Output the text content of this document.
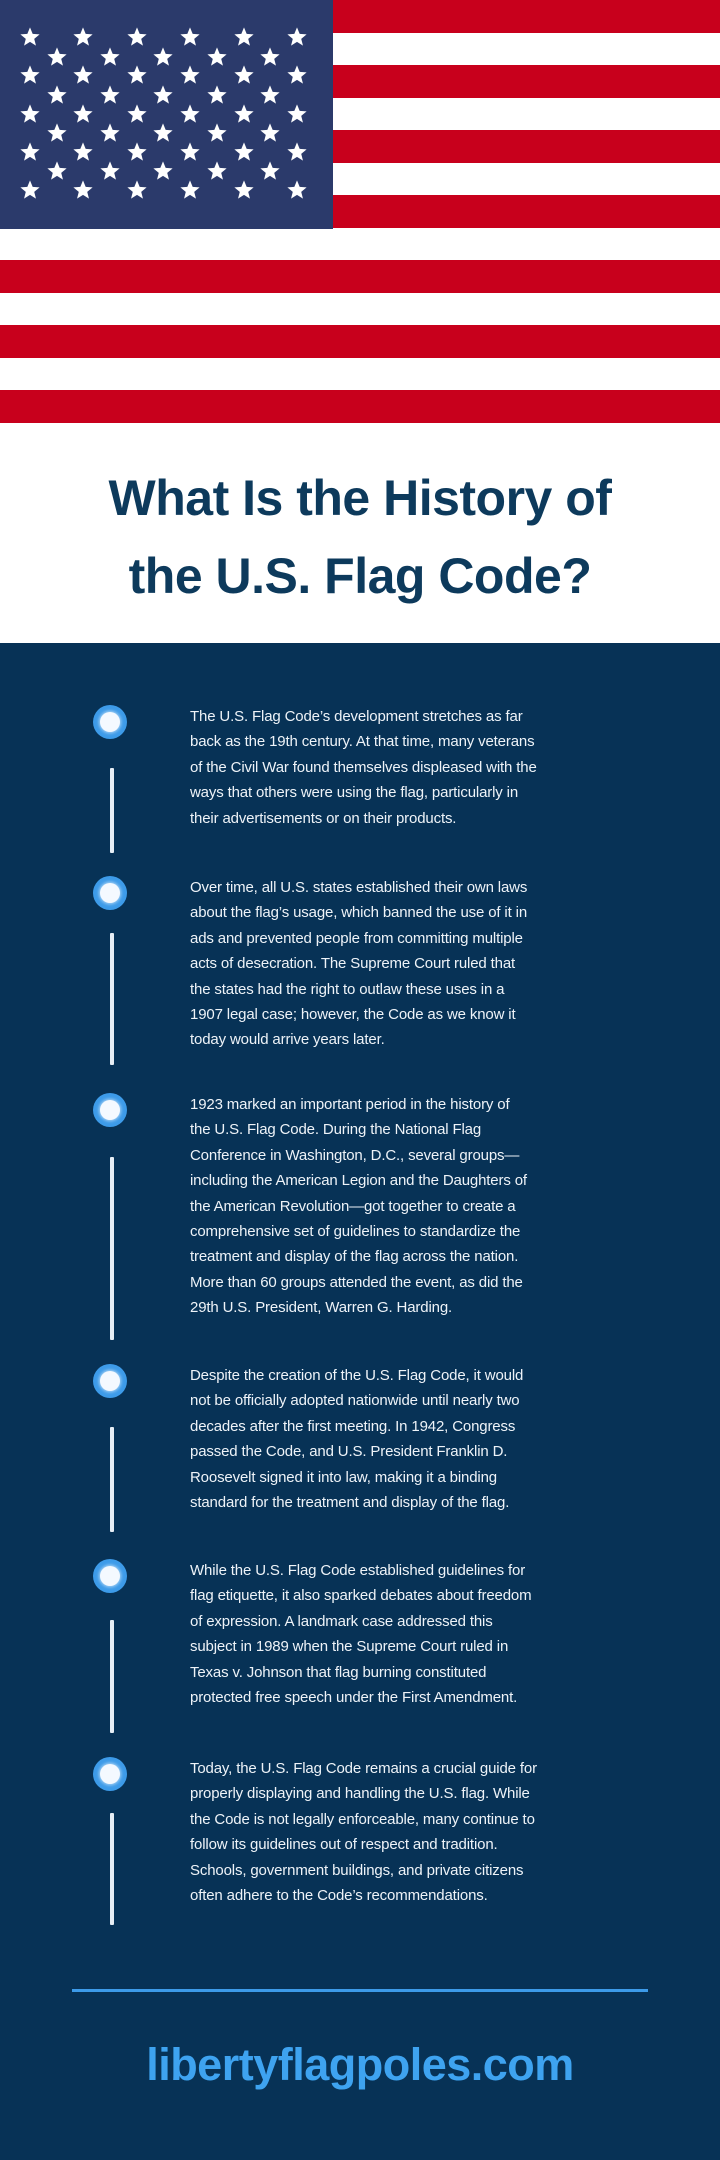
What Is the History of
the U.S. Flag Code?

The U.S. Flag Code’s development stretches as far
back as the 19th century. At that time, many veterans
of the Civil War found themselves displeased with the
ways that others were using the flag, particularly in
their advertisements or on their products.

Over time, all U.S. states established their own laws
about the flag’s usage, which banned the use of it in
ads and prevented people from committing multiple
acts of desecration. The Supreme Court ruled that
the states had the right to outlaw these uses in a
1907 legal case; however, the Code as we know it
today would arrive years later.

1923 marked an important period in the history of
the U.S. Flag Code. During the National Flag
Conference in Washington, D.C., several groups—
including the American Legion and the Daughters of
the American Revolution—got together to create a
comprehensive set of guidelines to standardize the
treatment and display of the flag across the nation.
More than 60 groups attended the event, as did the
29th U.S. President, Warren G. Harding.

Despite the creation of the U.S. Flag Code, it would
not be officially adopted nationwide until nearly two
decades after the first meeting. In 1942, Congress
passed the Code, and U.S. President Franklin D.
Roosevelt signed it into law, making it a binding
standard for the treatment and display of the flag.

While the U.S. Flag Code established guidelines for
flag etiquette, it also sparked debates about freedom
of expression. A landmark case addressed this
subject in 1989 when the Supreme Court ruled in
Texas v. Johnson that flag burning constituted
protected free speech under the First Amendment.

Today, the U.S. Flag Code remains a crucial guide for
properly displaying and handling the U.S. flag. While
the Code is not legally enforceable, many continue to
follow its guidelines out of respect and tradition.
Schools, government buildings, and private citizens
often adhere to the Code’s recommendations.

libertyflagpoles.com
